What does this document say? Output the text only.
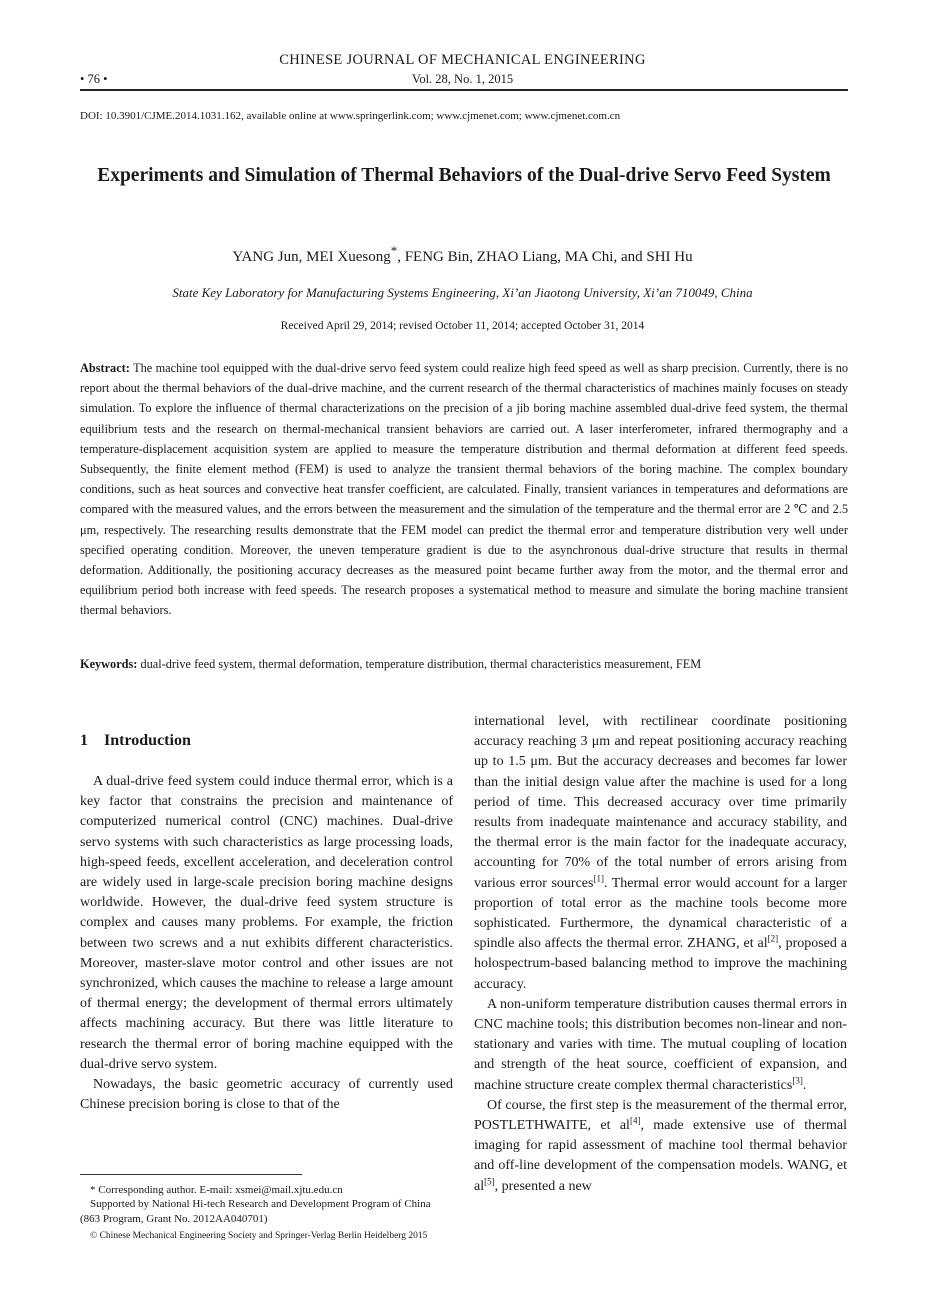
CHINESE JOURNAL OF MECHANICAL ENGINEERING
• 76 •	Vol. 28, No. 1, 2015
DOI: 10.3901/CJME.2014.1031.162, available online at www.springerlink.com; www.cjmenet.com; www.cjmenet.com.cn
Experiments and Simulation of Thermal Behaviors of the Dual-drive Servo Feed System
YANG Jun, MEI Xuesong*, FENG Bin, ZHAO Liang, MA Chi, and SHI Hu
State Key Laboratory for Manufacturing Systems Engineering, Xi’an Jiaotong University, Xi’an 710049, China
Received April 29, 2014; revised October 11, 2014; accepted October 31, 2014
Abstract: The machine tool equipped with the dual-drive servo feed system could realize high feed speed as well as sharp precision. Currently, there is no report about the thermal behaviors of the dual-drive machine, and the current research of the thermal characteristics of machines mainly focuses on steady simulation. To explore the influence of thermal characterizations on the precision of a jib boring machine assembled dual-drive feed system, the thermal equilibrium tests and the research on thermal-mechanical transient behaviors are carried out. A laser interferometer, infrared thermography and a temperature-displacement acquisition system are applied to measure the temperature distribution and thermal deformation at different feed speeds. Subsequently, the finite element method (FEM) is used to analyze the transient thermal behaviors of the boring machine. The complex boundary conditions, such as heat sources and convective heat transfer coefficient, are calculated. Finally, transient variances in temperatures and deformations are compared with the measured values, and the errors between the measurement and the simulation of the temperature and the thermal error are 2 ℃ and 2.5 μm, respectively. The researching results demonstrate that the FEM model can predict the thermal error and temperature distribution very well under specified operating condition. Moreover, the uneven temperature gradient is due to the asynchronous dual-drive structure that results in thermal deformation. Additionally, the positioning accuracy decreases as the measured point became further away from the motor, and the thermal error and equilibrium period both increase with feed speeds. The research proposes a systematical method to measure and simulate the boring machine transient thermal behaviors.
Keywords: dual-drive feed system, thermal deformation, temperature distribution, thermal characteristics measurement, FEM
1 Introduction

A dual-drive feed system could induce thermal error, which is a key factor that constrains the precision and maintenance of computerized numerical control (CNC) machines. Dual-drive servo systems with such characteristics as large processing loads, high-speed feeds, excellent acceleration, and deceleration control are widely used in large-scale precision boring machine designs worldwide. However, the dual-drive feed system structure is complex and causes many problems. For example, the friction between two screws and a nut exhibits different characteristics. Moreover, master-slave motor control and other issues are not synchronized, which causes the machine to release a large amount of thermal energy; the development of thermal errors ultimately affects machining accuracy. But there was little literature to research the thermal error of boring machine equipped with the dual-drive servo system.

Nowadays, the basic geometric accuracy of currently used Chinese precision boring is close to that of the

international level, with rectilinear coordinate positioning accuracy reaching 3 μm and repeat positioning accuracy reaching up to 1.5 μm. But the accuracy decreases and becomes far lower than the initial design value after the machine is used for a long period of time. This decreased accuracy over time primarily results from inadequate maintenance and accuracy stability, and the thermal error is the main factor for the inadequate accuracy, accounting for 70% of the total number of errors arising from various error sources[1]. Thermal error would account for a larger proportion of total error as the machine tools become more sophisticated. Furthermore, the dynamical characteristic of a spindle also affects the thermal error. ZHANG, et al[2], proposed a holospectrum-based balancing method to improve the machining accuracy.

A non-uniform temperature distribution causes thermal errors in CNC machine tools; this distribution becomes non-linear and non-stationary and varies with time. The mutual coupling of location and strength of the heat source, coefficient of expansion, and machine structure create complex thermal characteristics[3].

Of course, the first step is the measurement of the thermal error, POSTLETHWAITE, et al[4], made extensive use of thermal imaging for rapid assessment of machine tool thermal behavior and off-line development of the compensation models. WANG, et al[5], presented a new

* Corresponding author. E-mail: xsmei@mail.xjtu.edu.cn
Supported by National Hi-tech Research and Development Program of China (863 Program, Grant No. 2012AA040701)
© Chinese Mechanical Engineering Society and Springer-Verlag Berlin Heidelberg 2015
